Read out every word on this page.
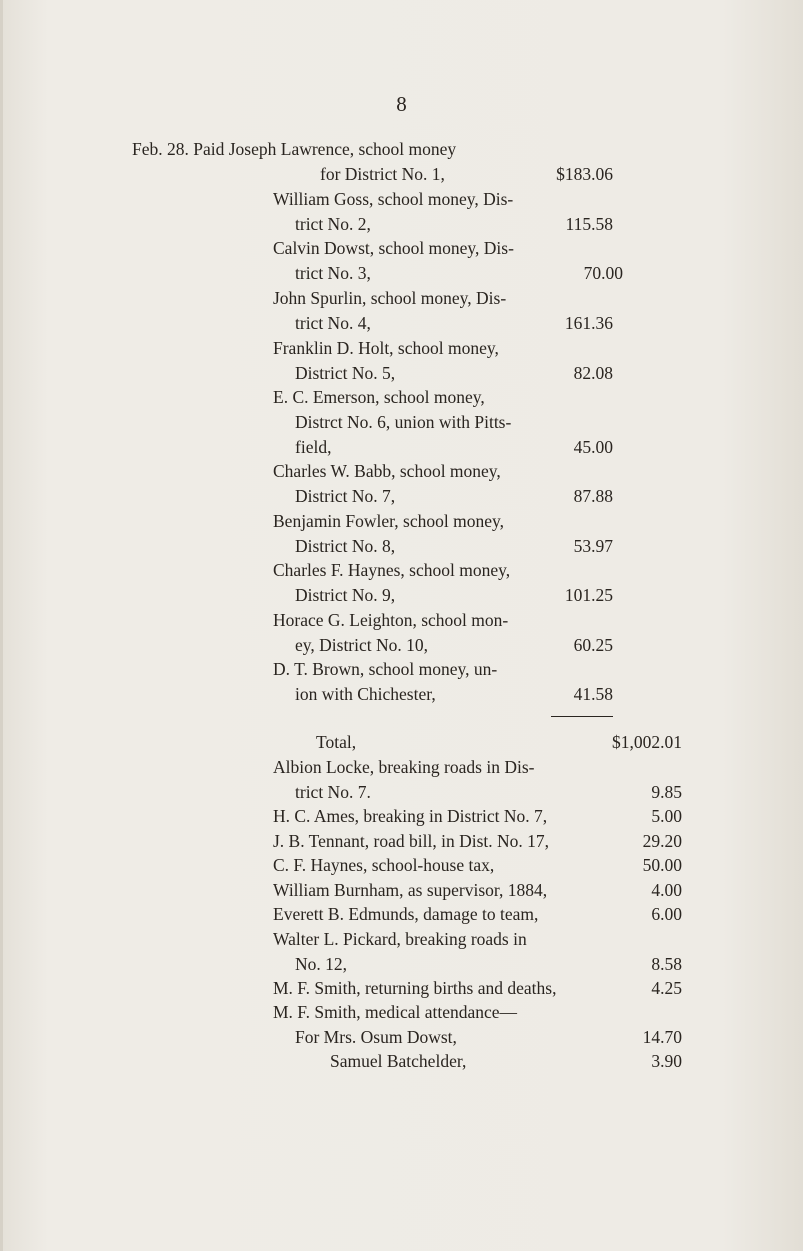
8
Feb. 28. Paid Joseph Lawrence, school money
for District No. 1,	$183.06
William Goss, school money, Dis-
trict No. 2,	115.58
Calvin Dowst, school money, Dis-
trict No. 3,	70.00
John Spurlin, school money, Dis-
trict No. 4,	161.36
Franklin D. Holt, school money,
District No. 5,	82.08
E. C. Emerson, school money,
Distrct No. 6, union with Pitts-
field,	45.00
Charles W. Babb, school money,
District No. 7,	87.88
Benjamin Fowler, school money,
District No. 8,	53.97
Charles F. Haynes, school money,
District No. 9,	101.25
Horace G. Leighton, school mon-
ey, District No. 10,	60.25
D. T. Brown, school money, un-
ion with Chichester,	41.58
Total,	$1,002.01
Albion Locke, breaking roads in Dis-
trict No. 7.	9.85
H. C. Ames, breaking in District No. 7,	5.00
J. B. Tennant, road bill, in Dist. No. 17,	29.20
C. F. Haynes, school-house tax,	50.00
William Burnham, as supervisor, 1884,	4.00
Everett B. Edmunds, damage to team,	6.00
Walter L. Pickard, breaking roads in
No. 12,	8.58
M. F. Smith, returning births and deaths,	4.25
M. F. Smith, medical attendance—
For Mrs. Osum Dowst,	14.70
Samuel Batchelder,	3.90
